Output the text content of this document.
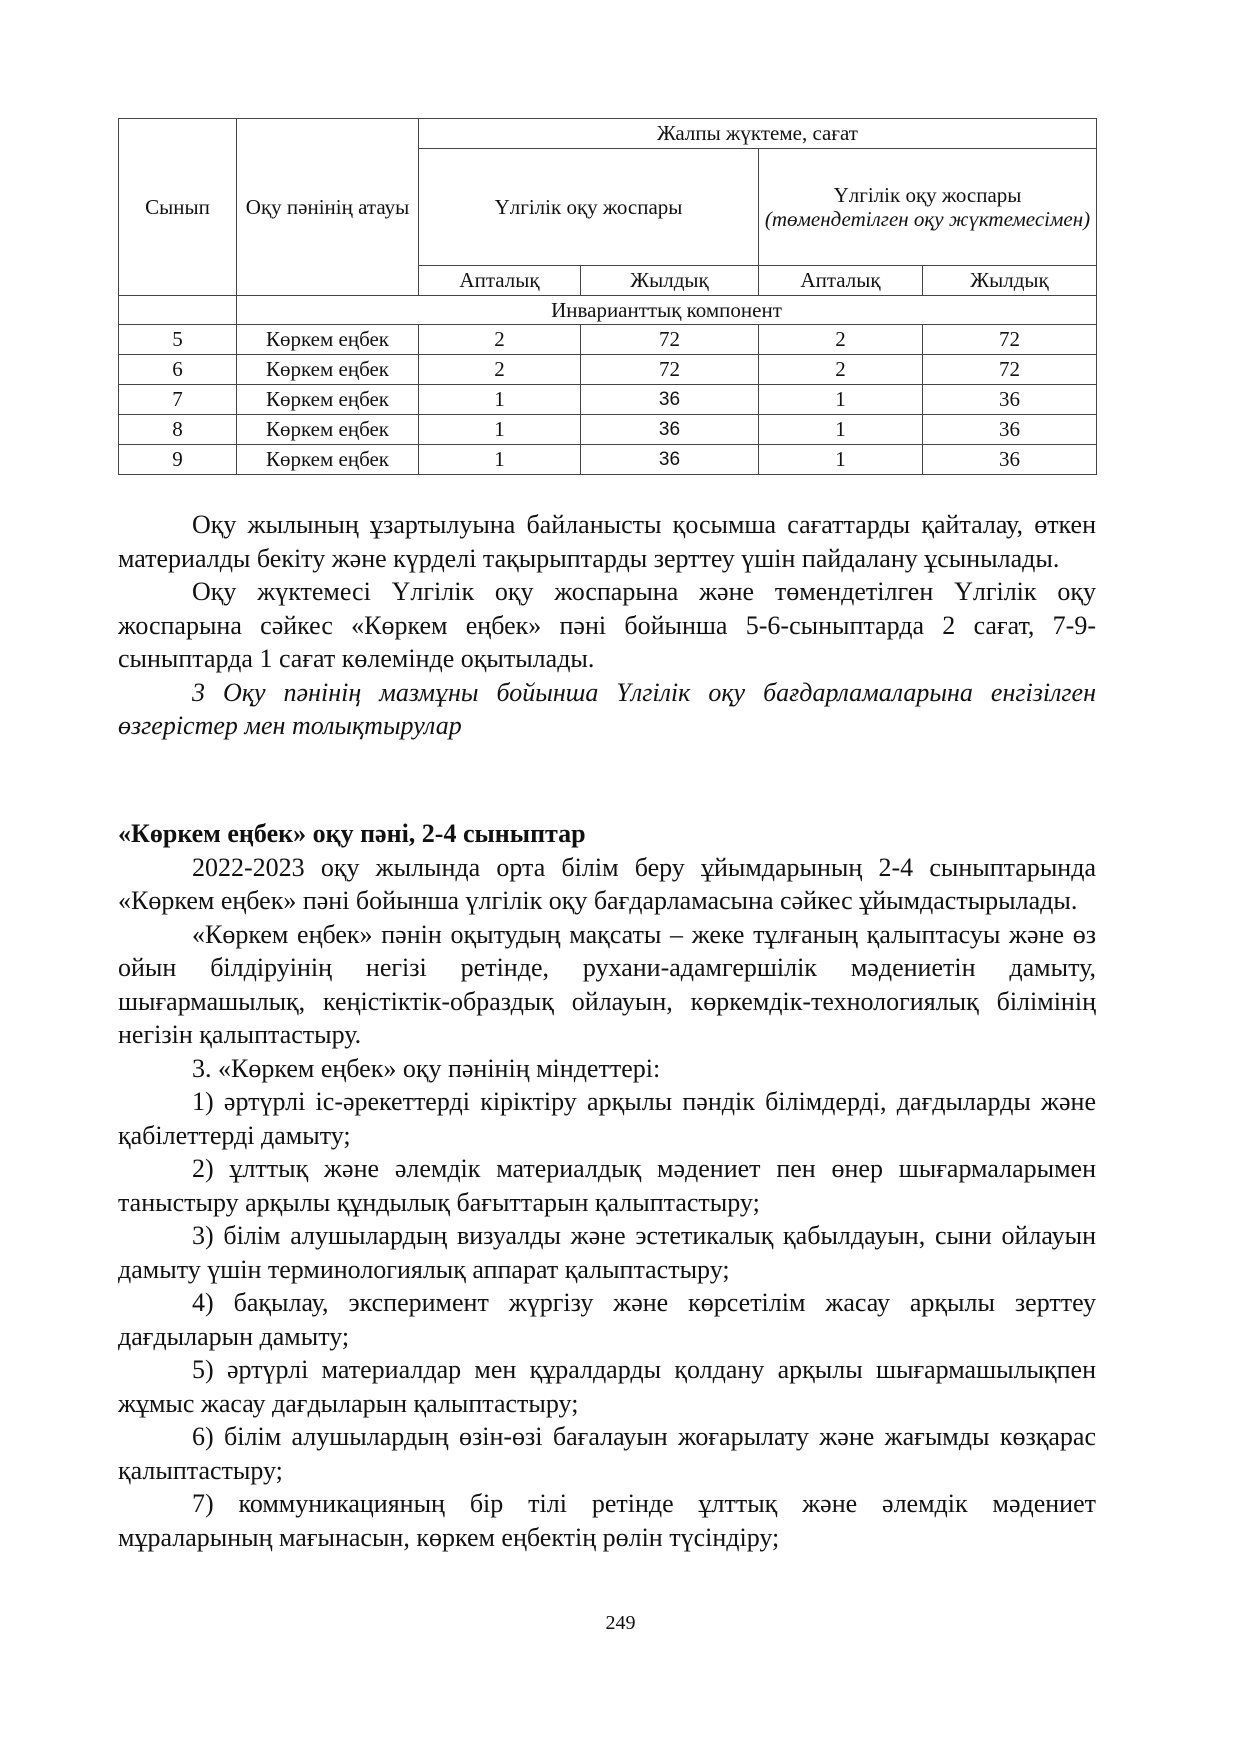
Сынып	Оқу пәнінің атауы	Жалпы жүктеме, сағат			
		Үлгілік оқу жоспары		Үлгілік оқу жоспары
(төмендетілген оқу жүктемесімен)	
		Апталық	Жылдық	Апталық	Жылдық
	Инварианттық компонент				
5	Көркем еңбек	2	72	2	72
6	Көркем еңбек	2	72	2	72
7	Көркем еңбек	1	36	1	36
8	Көркем еңбек	1	36	1	36
9	Көркем еңбек	1	36	1	36

Оқу жылының ұзартылуына байланысты қосымша сағаттарды қайталау, өткен материалды бекіту және күрделі тақырыптарды зерттеу үшін пайдалану ұсынылады.

Оқу жүктемесі Үлгілік оқу жоспарына және төмендетілген Үлгілік оқу жоспарына сәйкес «Көркем еңбек» пәні бойынша 5-6-сыныптарда 2 сағат, 7-9-сыныптарда 1 сағат көлемінде оқытылады.

3 Оқу пәнінің мазмұны бойынша Үлгілік оқу бағдарламаларына енгізілген өзгерістер мен толықтырулар

«Көркем еңбек» оқу пәні, 2-4 сыныптар

2022-2023 оқу жылында орта білім беру ұйымдарының 2-4 сыныптарында «Көркем еңбек» пәні бойынша үлгілік оқу бағдарламасына сәйкес ұйымдастырылады.

«Көркем еңбек» пәнін оқытудың мақсаты – жеке тұлғаның қалыптасуы және өз ойын білдіруінің негізі ретінде, рухани-адамгершілік мәдениетін дамыту, шығармашылық, кеңістіктік-образдық ойлауын, көркемдік-технологиялық білімінің негізін қалыптастыру.

3. «Көркем еңбек» оқу пәнінің міндеттері:

1) әртүрлі іс-әрекеттерді кіріктіру арқылы пәндік білімдерді, дағдыларды және қабілеттерді дамыту;

2) ұлттық және әлемдік материалдық мәдениет пен өнер шығармаларымен таныстыру арқылы құндылық бағыттарын қалыптастыру;

3) білім алушылардың визуалды және эстетикалық қабылдауын, сыни ойлауын дамыту үшін терминологиялық аппарат қалыптастыру;

4) бақылау, эксперимент жүргізу және көрсетілім жасау арқылы зерттеу дағдыларын дамыту;

5) әртүрлі материалдар мен құралдарды қолдану арқылы шығармашылықпен жұмыс жасау дағдыларын қалыптастыру;

6) білім алушылардың өзін-өзі бағалауын жоғарылату және жағымды көзқарас қалыптастыру;

7) коммуникацияның бір тілі ретінде ұлттық және әлемдік мәдениет мұраларының мағынасын, көркем еңбектің рөлін түсіндіру;

249
